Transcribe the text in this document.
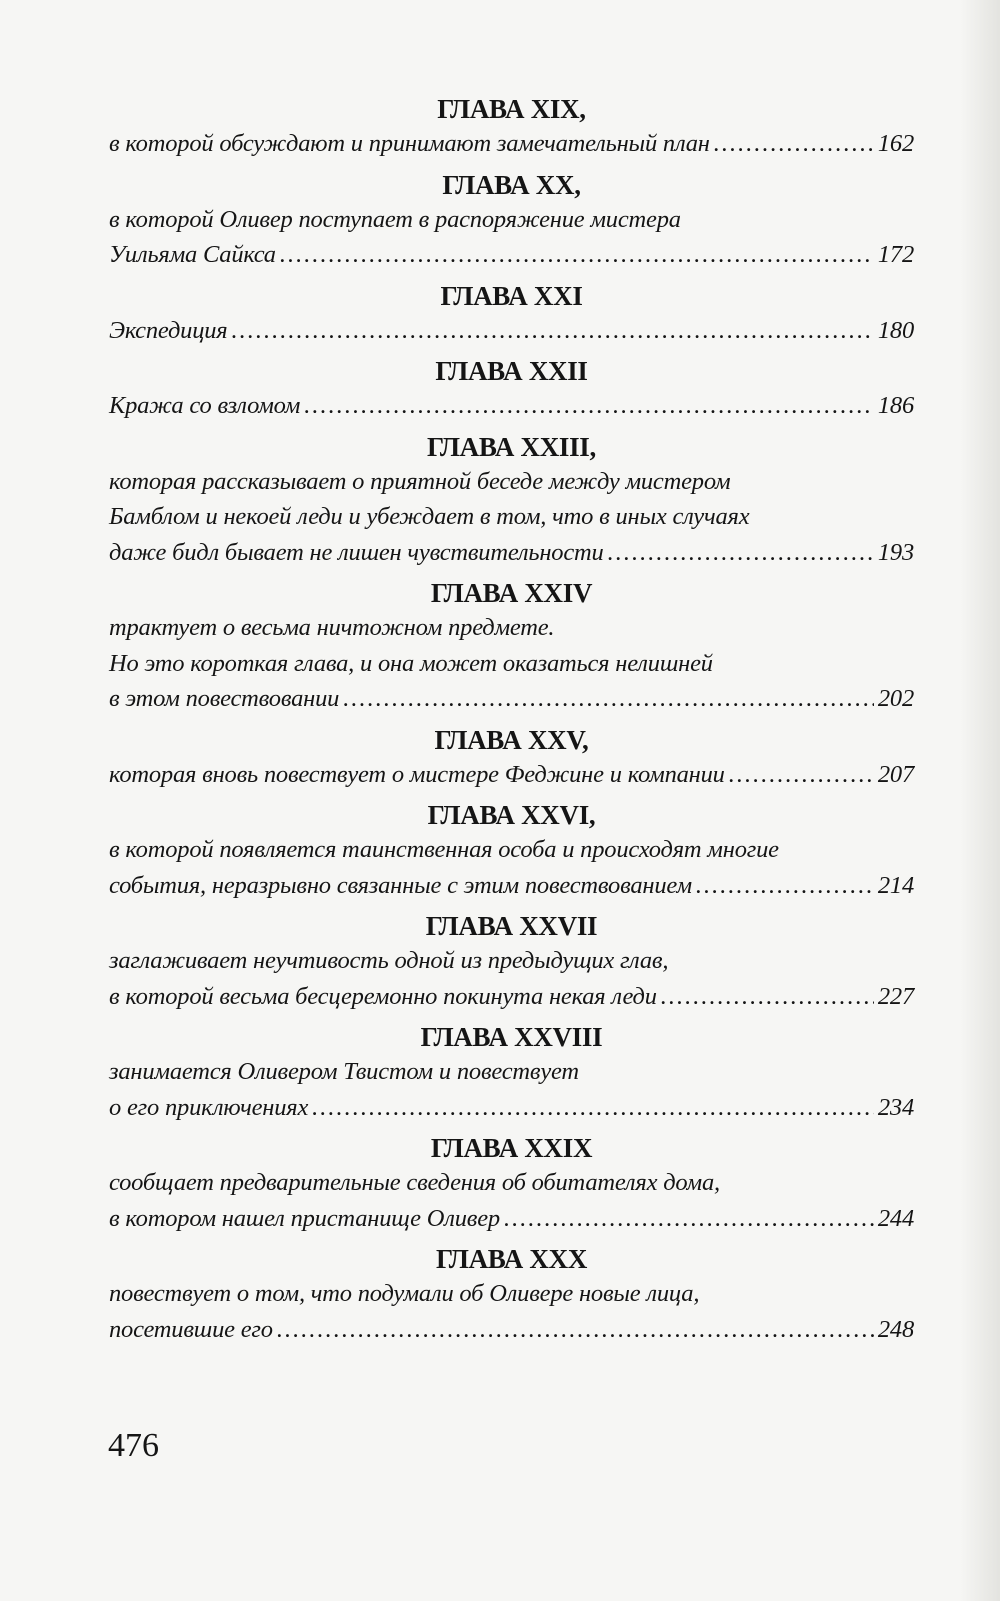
ГЛАВА XIX,
в которой обсуждают и принимают замечательный план .....	162
ГЛАВА XX,
в которой Оливер поступает в распоряжение мистера
Уильяма Сайкса .....	172
ГЛАВА XXI
Экспедиция .....	180
ГЛАВА XXII
Кража со взломом .....	186
ГЛАВА XXIII,
которая рассказывает о приятной беседе между мистером
Бамблом и некоей леди и убеждает в том, что в иных случаях
даже бидл бывает не лишен чувствительности .....	193
ГЛАВА XXIV
трактует о весьма ничтожном предмете.
Но это короткая глава, и она может оказаться нелишней
в этом повествовании .....	202
ГЛАВА XXV,
которая вновь повествует о мистере Феджине и компании .....	207
ГЛАВА XXVI,
в которой появляется таинственная особа и происходят многие
события, неразрывно связанные с этим повествованием .....	214
ГЛАВА XXVII
заглаживает неучтивость одной из предыдущих глав,
в которой весьма бесцеремонно покинута некая леди .....	227
ГЛАВА XXVIII
занимается Оливером Твистом и повествует
о его приключениях .....	234
ГЛАВА XXIX
сообщает предварительные сведения об обитателях дома,
в котором нашел пристанище Оливер .....	244
ГЛАВА XXX
повествует о том, что подумали об Оливере новые лица,
посетившие его .....	248
476
